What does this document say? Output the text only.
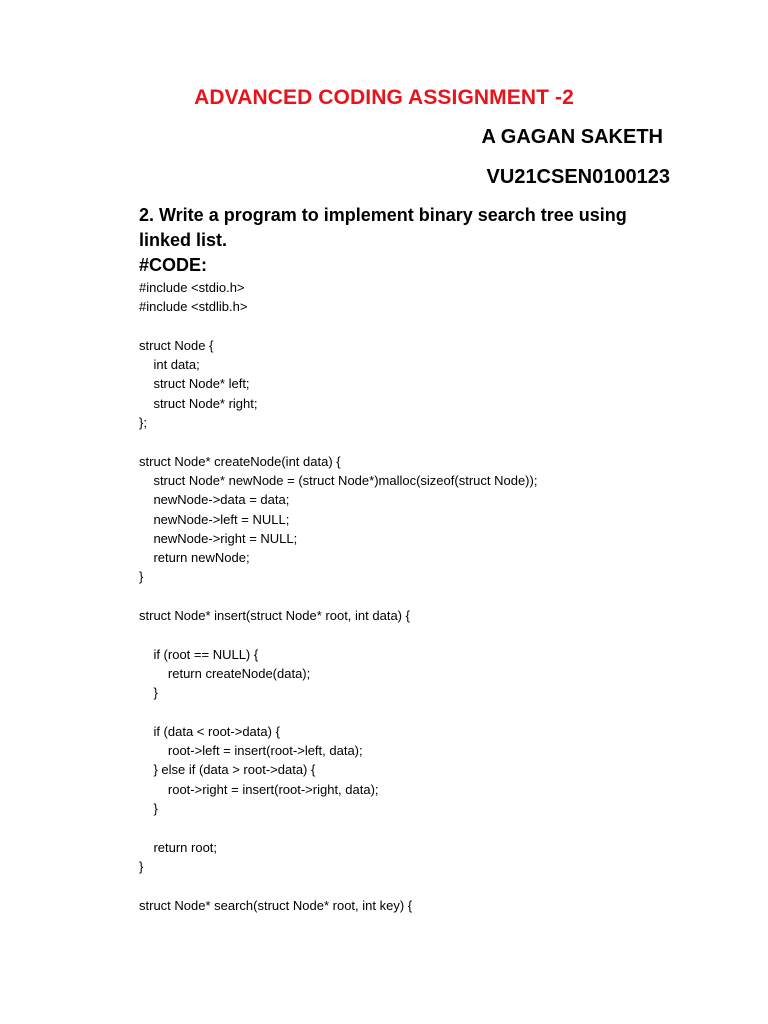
ADVANCED CODING ASSIGNMENT -2
A GAGAN SAKETH
VU21CSEN0100123
2. Write a program to implement binary search tree using linked list.
#CODE:
#include <stdio.h>
#include <stdlib.h>
struct Node {
int data;
struct Node* left;
struct Node* right;
};
struct Node* createNode(int data) {
struct Node* newNode = (struct Node*)malloc(sizeof(struct Node));
newNode->data = data;
newNode->left = NULL;
newNode->right = NULL;
return newNode;
}
struct Node* insert(struct Node* root, int data) {
if (root == NULL) {
return createNode(data);
}
if (data < root->data) {
root->left = insert(root->left, data);
} else if (data > root->data) {
root->right = insert(root->right, data);
}
return root;
}
struct Node* search(struct Node* root, int key) {
